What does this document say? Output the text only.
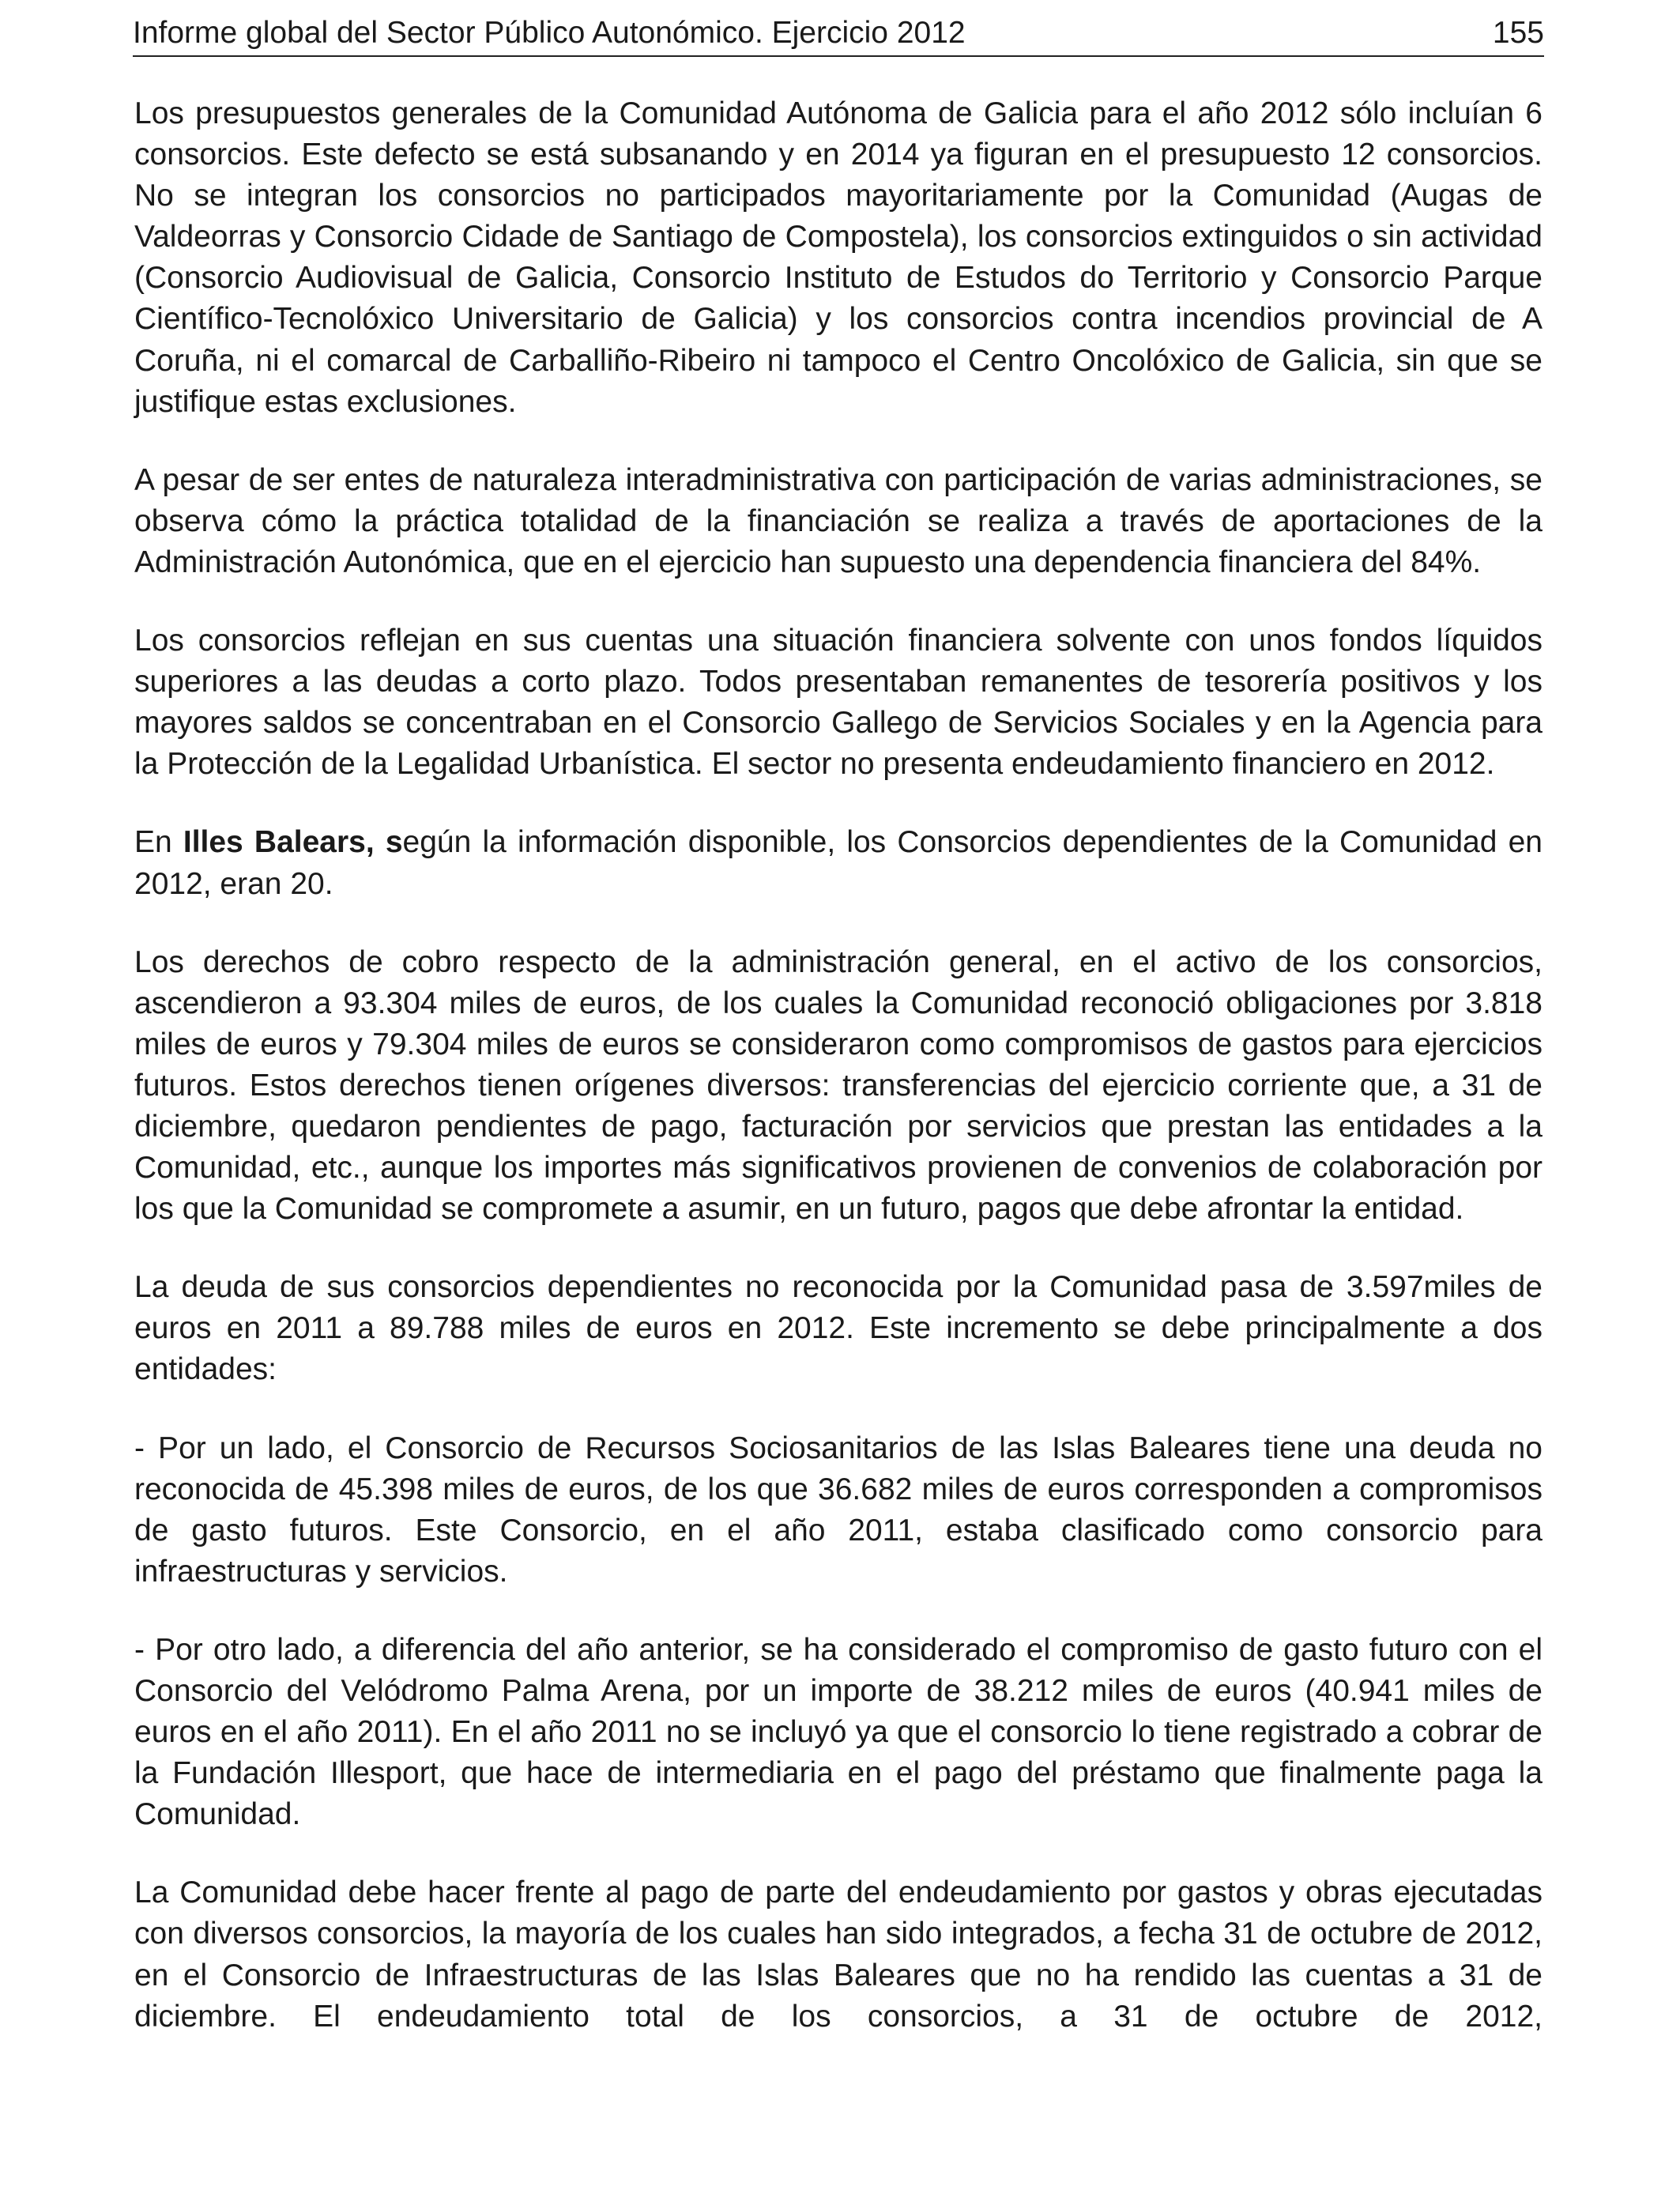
Informe global del Sector Público Autonómico. Ejercicio 2012	155

Los presupuestos generales de la Comunidad Autónoma de Galicia para el año 2012 sólo incluían 6 consorcios. Este defecto se está subsanando y en 2014 ya figuran en el presupuesto 12 consorcios. No se integran los consorcios no participados mayoritariamente por la Comunidad (Augas de Valdeorras y Consorcio Cidade de Santiago de Compostela), los consorcios extinguidos o sin actividad (Consorcio Audiovisual de Galicia, Consorcio Instituto de Estudos do Territorio y Consorcio Parque Científico-Tecnolóxico Universitario de Galicia) y los consorcios contra incendios provincial de A Coruña, ni el comarcal de Carballiño-Ribeiro ni tampoco el Centro Oncolóxico de Galicia, sin que se justifique estas exclusiones.

A pesar de ser entes de naturaleza interadministrativa con participación de varias administraciones, se observa cómo la práctica totalidad de la financiación se realiza a través de aportaciones de la Administración Autonómica, que en el ejercicio han supuesto una dependencia financiera del 84%.

Los consorcios reflejan en sus cuentas una situación financiera solvente con unos fondos líquidos superiores a las deudas a corto plazo. Todos presentaban remanentes de tesorería positivos y los mayores saldos se concentraban en el Consorcio Gallego de Servicios Sociales y en la Agencia para la Protección de la Legalidad Urbanística. El sector no presenta endeudamiento financiero en 2012.

En Illes Balears, según la información disponible, los Consorcios dependientes de la Comunidad en 2012, eran 20.

Los derechos de cobro respecto de la administración general, en el activo de los consorcios, ascendieron a 93.304 miles de euros, de los cuales la Comunidad reconoció obligaciones por 3.818 miles de euros y 79.304 miles de euros se consideraron como compromisos de gastos para ejercicios futuros. Estos derechos tienen orígenes diversos: transferencias del ejercicio corriente que, a 31 de diciembre, quedaron pendientes de pago, facturación por servicios que prestan las entidades a la Comunidad, etc., aunque los importes más significativos provienen de convenios de colaboración por los que la Comunidad se compromete a asumir, en un futuro, pagos que debe afrontar la entidad.

La deuda de sus consorcios dependientes no reconocida por la Comunidad pasa de 3.597miles de euros en 2011 a 89.788 miles de euros en 2012. Este incremento se debe principalmente a dos entidades:

- Por un lado, el Consorcio de Recursos Sociosanitarios de las Islas Baleares tiene una deuda no reconocida de 45.398 miles de euros, de los que 36.682 miles de euros corresponden a compromisos de gasto futuros. Este Consorcio, en el año 2011, estaba clasificado como consorcio para infraestructuras y servicios.

- Por otro lado, a diferencia del año anterior, se ha considerado el compromiso de gasto futuro con el Consorcio del Velódromo Palma Arena, por un importe de 38.212 miles de euros (40.941 miles de euros en el año 2011). En el año 2011 no se incluyó ya que el consorcio lo tiene registrado a cobrar de la Fundación Illesport, que hace de intermediaria en el pago del préstamo que finalmente paga la Comunidad.

La Comunidad debe hacer frente al pago de parte del endeudamiento por gastos y obras ejecutadas con diversos consorcios, la mayoría de los cuales han sido integrados, a fecha 31 de octubre de 2012, en el Consorcio de Infraestructuras de las Islas Baleares que no ha rendido las cuentas a 31 de diciembre. El endeudamiento total de los consorcios, a 31 de octubre de 2012,
